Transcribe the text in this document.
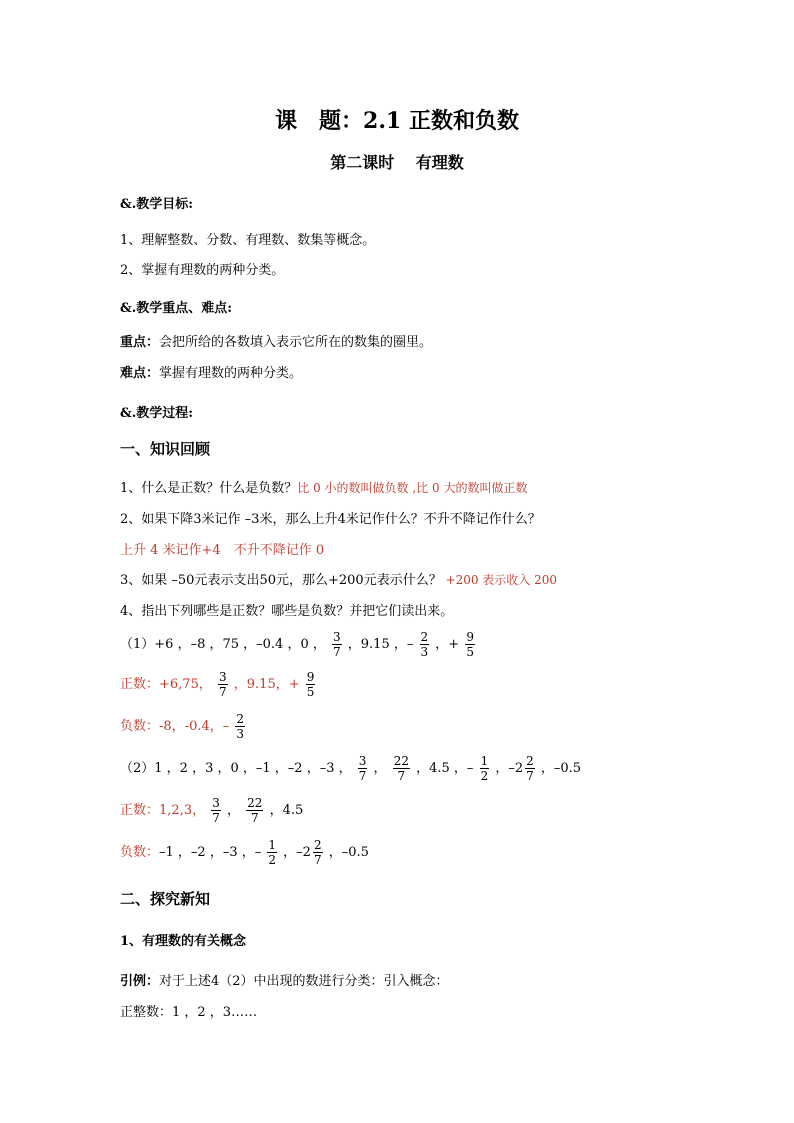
课　题：2.1 正数和负数
第二课时　 有理数
&.教学目标:
1、理解整数、分数、有理数、数集等概念。
2、掌握有理数的两种分类。
&.教学重点、难点:
重点：会把所给的各数填入表示它所在的数集的圈里。
难点：掌握有理数的两种分类。
&.教学过程:
一、知识回顾
1、什么是正数？什么是负数？比 0 小的数叫做负数 ,比 0 大的数叫做正数
2、如果下降3米记作 –3米，那么上升4米记作什么？不升不降记作什么？
上升 4 米记作+4　不升不降记作 0
3、如果 –50元表示支出50元，那么+200元表示什么？ +200 表示收入 200
4、指出下列哪些是正数？哪些是负数？并把它们读出来。
（1）+6 ，–8 ，75 ，–0.4 ，0 ， $\frac{3}{7}$ ，9.15 ，– $\frac{2}{3}$ ，+ $\frac{9}{5}$
正数：+6,75， $\frac{3}{7}$ ，9.15，+ $\frac{9}{5}$
负数：-8，-0.4，– $\frac{2}{3}$
（2）1 ，2 ，3 ，0 ，–1 ，–2 ，–3 ， $\frac{3}{7}$ ， $\frac{22}{7}$ ，4.5 ，– $\frac{1}{2}$ ，$-2 \frac{2}{7}$ ，–0.5
正数：1,2,3， $\frac{3}{7}$ ， $\frac{22}{7}$ ，4.5
负数：–1 ，–2 ，–3 ，– $\frac{1}{2}$ ，$-2 \frac{2}{7}$ ，–0.5
二、探究新知
1、有理数的有关概念
引例：对于上述4（2）中出现的数进行分类：引入概念：
正整数：1 ，2 ，3……
